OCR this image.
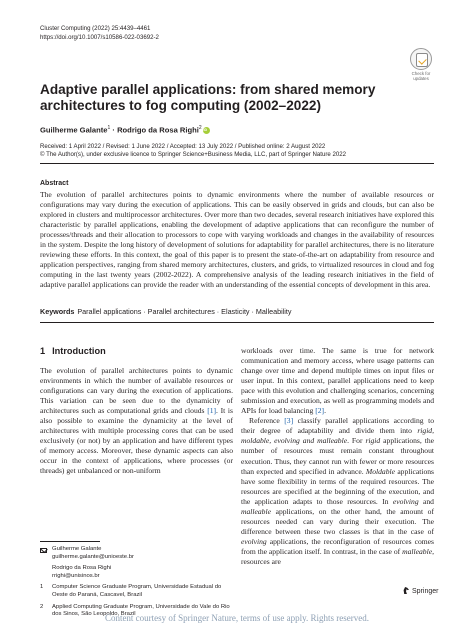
Cluster Computing (2022) 25:4439–4461
https://doi.org/10.1007/s10586-022-03692-2
Check for
updates
Adaptive parallel applications: from shared memory architectures to fog computing (2002–2022)
Guilherme Galante$^1$ · Rodrigo da Rosa Righi$^2$iD
Received: 1 April 2022 / Revised: 1 June 2022 / Accepted: 13 July 2022 / Published online: 2 August 2022
© The Author(s), under exclusive licence to Springer Science+Business Media, LLC, part of Springer Nature 2022
Abstract

The evolution of parallel architectures points to dynamic environments where the number of available resources or configurations may vary during the execution of applications. This can be easily observed in grids and clouds, but can also be explored in clusters and multiprocessor architectures. Over more than two decades, several research initiatives have explored this characteristic by parallel applications, enabling the development of adaptive applications that can reconfigure the number of processes/threads and their allocation to processors to cope with varying workloads and changes in the availability of resources in the system. Despite the long history of development of solutions for adaptability for parallel architectures, there is no literature reviewing these efforts. In this context, the goal of this paper is to present the state-of-the-art on adaptability from resource and application perspectives, ranging from shared memory architectures, clusters, and grids, to virtualized resources in cloud and fog computing in the last twenty years (2002-2022). A comprehensive analysis of the leading research initiatives in the field of adaptive parallel applications can provide the reader with an understanding of the essential concepts of development in this area.

Keywords Parallel applications · Parallel architectures · Elasticity · Malleability
1 Introduction

The evolution of parallel architectures points to dynamic environments in which the number of available resources or configurations can vary during the execution of applications. This variation can be seen due to the dynamicity of architectures such as computational grids and clouds [1]. It is also possible to examine the dynamicity at the level of architectures with multiple processing cores that can be used exclusively (or not) by an application and have different types of memory access. Moreover, these dynamic aspects can also occur in the context of applications, where processes (or threads) get unbalanced or non-uniform

workloads over time. The same is true for network communication and memory access, where usage patterns can change over time and depend multiple times on input files or user input. In this context, parallel applications need to keep pace with this evolution and challenging scenarios, concerning submission and execution, as well as programming models and APIs for load balancing [2].

Reference [3] classify parallel applications according to their degree of adaptability and divide them into rigid, moldable, evolving and malleable. For rigid applications, the number of resources must remain constant throughout execution. Thus, they cannot run with fewer or more resources than expected and specified in advance. Moldable applications have some flexibility in terms of the required resources. The resources are specified at the beginning of the execution, and the application adapts to those resources. In evolving and malleable applications, on the other hand, the amount of resources needed can vary during their execution. The difference between these two classes is that in the case of evolving applications, the reconfiguration of resources comes from the application itself. In contrast, in the case of malleable, resources are

Guilherme Galante
guilherme.galante@unioeste.br
Rodrigo da Rosa Righi
rrighi@unisinos.br
1 Computer Science Graduate Program, Universidade Estadual do Oeste do Paraná, Cascavel, Brazil
2 Applied Computing Graduate Program, Universidade do Vale do Rio dos Sinos, São Leopoldo, Brazil
Springer
Content courtesy of Springer Nature, terms of use apply. Rights reserved.
